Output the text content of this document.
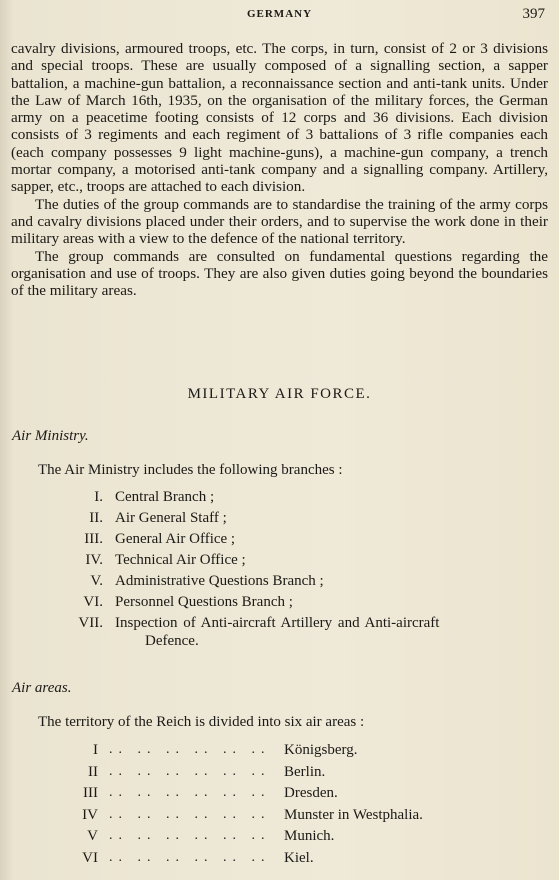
GERMANY	397

cavalry divisions, armoured troops, etc. The corps, in turn, consist of 2 or 3 divisions and special troops. These are usually composed of a signalling section, a sapper battalion, a machine-gun battalion, a reconnaissance section and anti-tank units. Under the Law of March 16th, 1935, on the organisation of the military forces, the German army on a peacetime footing consists of 12 corps and 36 divisions. Each division consists of 3 regiments and each regiment of 3 battalions of 3 rifle companies each (each company possesses 9 light machine-guns), a machine-gun company, a trench mortar company, a motorised anti-tank company and a signalling company. Artillery, sapper, etc., troops are attached to each division.

The duties of the group commands are to standardise the training of the army corps and cavalry divisions placed under their orders, and to supervise the work done in their military areas with a view to the defence of the national territory.

The group commands are consulted on fundamental questions regarding the organisation and use of troops. They are also given duties going beyond the boundaries of the military areas.

MILITARY AIR FORCE.
Air Ministry.
The Air Ministry includes the following branches :
I. Central Branch ;
II. Air General Staff ;
III. General Air Office ;
IV. Technical Air Office ;
V. Administrative Questions Branch ;
VI. Personnel Questions Branch ;
VII. Inspection of Anti-aircraft Artillery and Anti-aircraft
Defence.
Air areas.
The territory of the Reich is divided into six air areas :
I .. .. .. .. .. .. Königsberg.
II .. .. .. .. .. .. Berlin.
III .. .. .. .. .. .. Dresden.
IV .. .. .. .. .. .. Munster in Westphalia.
V .. .. .. .. .. .. Munich.
VI .. .. .. .. .. .. Kiel.
